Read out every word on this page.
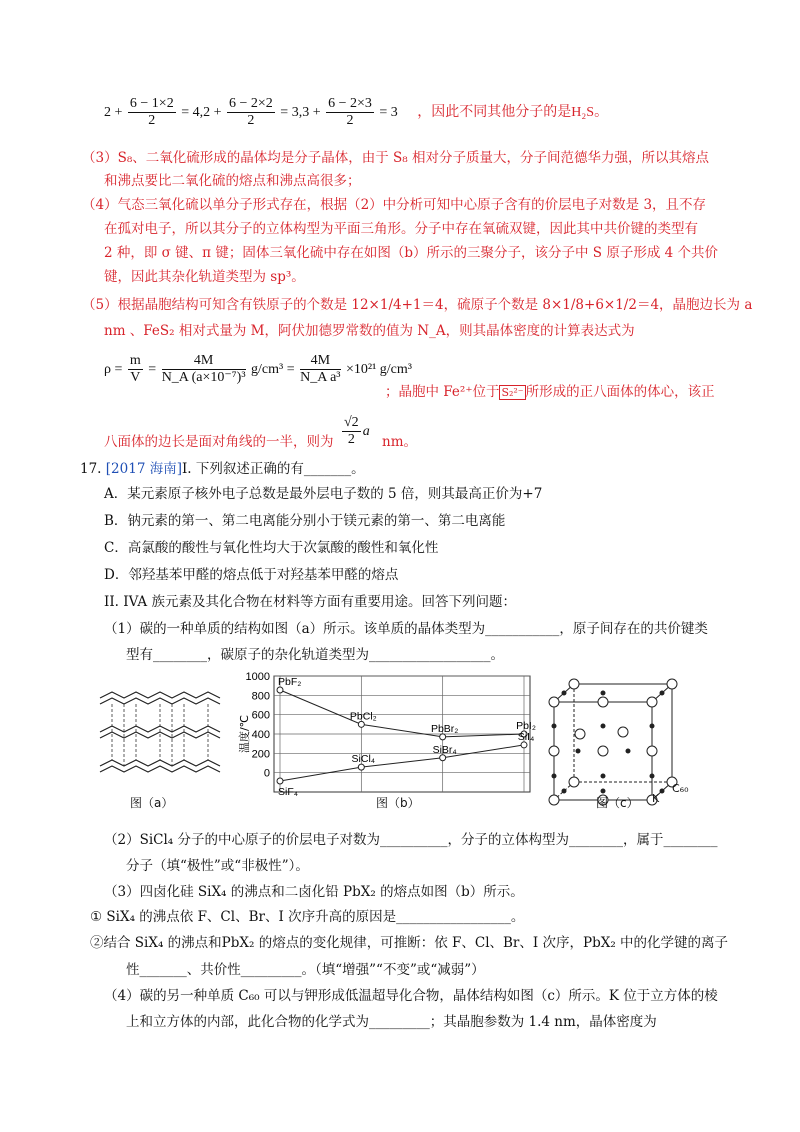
$2 + \frac{6 - 1\times 2}{2} = 4,2 + \frac{6 - 2\times 2}{2} = 3,3 + \frac{6 - 2\times 3}{2} = 3$ ，因此不同其他分子的是H₂S。
（3）S₈、二氧化硫形成的晶体均是分子晶体，由于 S₈ 相对分子质量大，分子间范德华力强，所以其熔点
和沸点要比二氧化硫的熔点和沸点高很多；
（4）气态三氧化硫以单分子形式存在，根据（2）中分析可知中心原子含有的价层电子对数是 3，且不存
在孤对电子，所以其分子的立体构型为平面三角形。分子中存在氧硫双键，因此其中共价键的类型有
2 种，即 σ 键、π 键；固体三氧化硫中存在如图（b）所示的三聚分子，该分子中 S 原子形成 4 个共价
键，因此其杂化轨道类型为 sp³。
（5）根据晶胞结构可知含有铁原子的个数是 12×1/4+1＝4，硫原子个数是 8×1/8+6×1/2＝4，晶胞边长为 a
nm 、FeS₂ 相对式量为 M，阿伏加德罗常数的值为 N_A，则其晶体密度的计算表达式为
$\rho = \frac{m}{V} = \frac{4M}{\text{N\_A (a×10⁻⁷)³}} g/cm^3 = \frac{4M}{\text{N\_A a³}} \times 10^{21}$ g/cm³
；晶胞中 Fe²⁺位于 S₂²⁻ 所形成的正八面体的体心，该正
八面体的边长是面对角线的一半，则为 $\frac{√2}{2}$ a
nm。
17. [2017 海南]I. 下列叙述正确的有_______。
A．某元素原子核外电子总数是最外层电子数的 5 倍，则其最高正价为+7
B．钠元素的第一、第二电离能分别小于镁元素的第一、第二电离能
C．高氯酸的酸性与氧化性均大于次氯酸的酸性和氧化性
D．邻羟基苯甲醛的熔点低于对羟基苯甲醛的熔点
II. IVA 族元素及其化合物在材料等方面有重要用途。回答下列问题：
（1）碳的一种单质的结构如图（a）所示。该单质的晶体类型为___________，原子间存在的共价键类
型有________，碳原子的杂化轨道类型为__________________。
图（a）
1000
800
600
400
200
0
温度/℃
PbF₂
PbCl₂
PbBr₂	PbI₂
SiF₄
SiCl₄
SiBr₄
SiI₄
图（b）
C₆₀
K
图（c）
（2）SiCl₄ 分子的中心原子的价层电子对数为__________，分子的立体构型为________，属于________
分子（填“极性”或“非极性”）。
（3）四卤化硅 SiX₄ 的沸点和二卤化铅 PbX₂ 的熔点如图（b）所示。
① SiX₄ 的沸点依 F、Cl、Br、I 次序升高的原因是_________________。
②结合 SiX₄ 的沸点和PbX₂ 的熔点的变化规律，可推断：依 F、Cl、Br、I 次序，PbX₂ 中的化学键的离子
性_______、共价性_________。（填“增强”“不变”或“减弱”）
（4）碳的另一种单质 C₆₀ 可以与钾形成低温超导化合物，晶体结构如图（c）所示。K 位于立方体的棱
上和立方体的内部，此化合物的化学式为_________；其晶胞参数为 1.4 nm，晶体密度为
